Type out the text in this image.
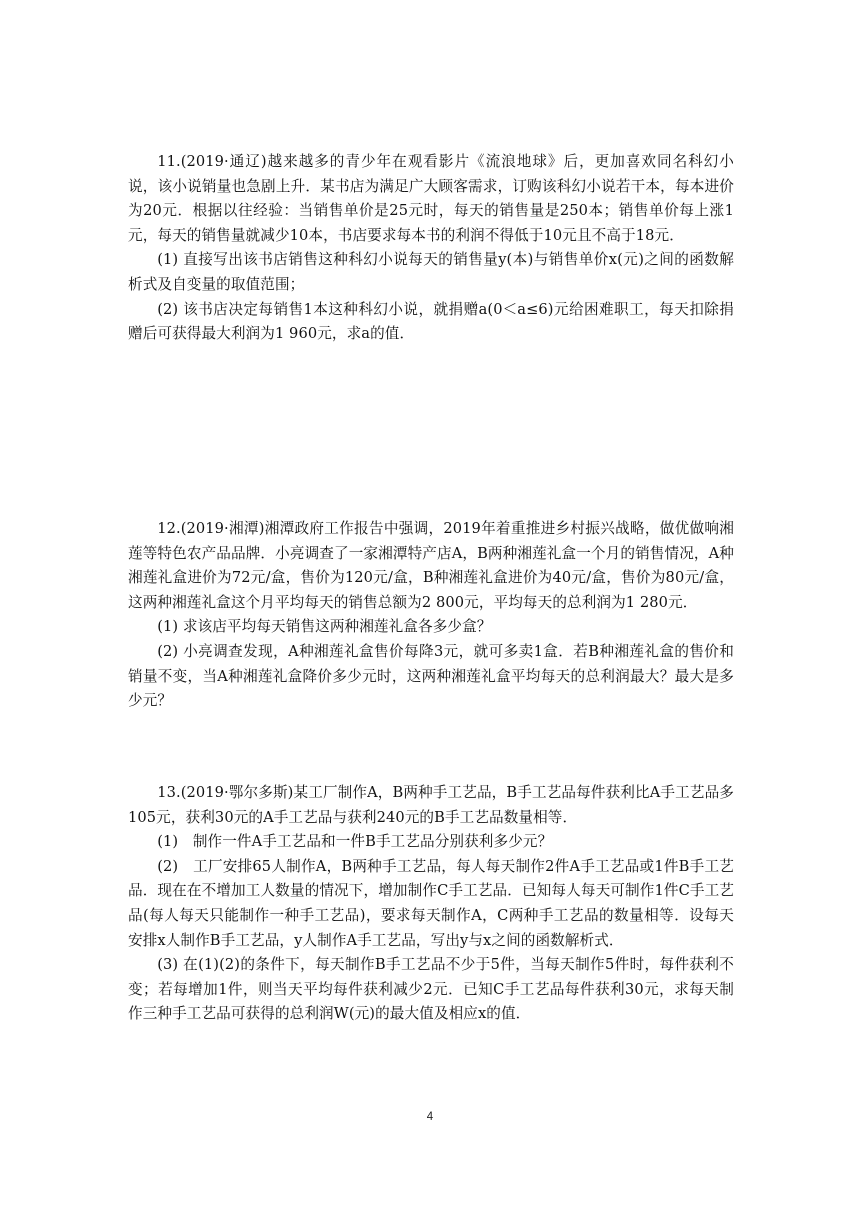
11.(2019·通辽)越来越多的青少年在观看影片《流浪地球》后，更加喜欢同名科幻小说，该小说销量也急剧上升．某书店为满足广大顾客需求，订购该科幻小说若干本，每本进价为20元．根据以往经验：当销售单价是25元时，每天的销售量是250本；销售单价每上涨1元，每天的销售量就减少10本，书店要求每本书的利润不得低于10元且不高于18元．

(1) 直接写出该书店销售这种科幻小说每天的销售量y(本)与销售单价x(元)之间的函数解析式及自变量的取值范围；

(2) 该书店决定每销售1本这种科幻小说，就捐赠a(0＜a≤6)元给困难职工，每天扣除捐赠后可获得最大利润为1 960元，求a的值．

12.(2019·湘潭)湘潭政府工作报告中强调，2019年着重推进乡村振兴战略，做优做响湘莲等特色农产品品牌．小亮调查了一家湘潭特产店A，B两种湘莲礼盒一个月的销售情况，A种湘莲礼盒进价为72元/盒，售价为120元/盒，B种湘莲礼盒进价为40元/盒，售价为80元/盒，这两种湘莲礼盒这个月平均每天的销售总额为2 800元，平均每天的总利润为1 280元．

(1) 求该店平均每天销售这两种湘莲礼盒各多少盒？

(2) 小亮调查发现，A种湘莲礼盒售价每降3元，就可多卖1盒．若B种湘莲礼盒的售价和销量不变，当A种湘莲礼盒降价多少元时，这两种湘莲礼盒平均每天的总利润最大？最大是多少元？

13.(2019·鄂尔多斯)某工厂制作A，B两种手工艺品，B手工艺品每件获利比A手工艺品多105元，获利30元的A手工艺品与获利240元的B手工艺品数量相等．

(1)　制作一件A手工艺品和一件B手工艺品分别获利多少元？

(2)　工厂安排65人制作A，B两种手工艺品，每人每天制作2件A手工艺品或1件B手工艺品．现在在不增加工人数量的情况下，增加制作C手工艺品．已知每人每天可制作1件C手工艺品(每人每天只能制作一种手工艺品)，要求每天制作A，C两种手工艺品的数量相等．设每天安排x人制作B手工艺品，y人制作A手工艺品，写出y与x之间的函数解析式．

(3) 在(1)(2)的条件下，每天制作B手工艺品不少于5件，当每天制作5件时，每件获利不变；若每增加1件，则当天平均每件获利减少2元．已知C手工艺品每件获利30元，求每天制作三种手工艺品可获得的总利润W(元)的最大值及相应x的值．

4
